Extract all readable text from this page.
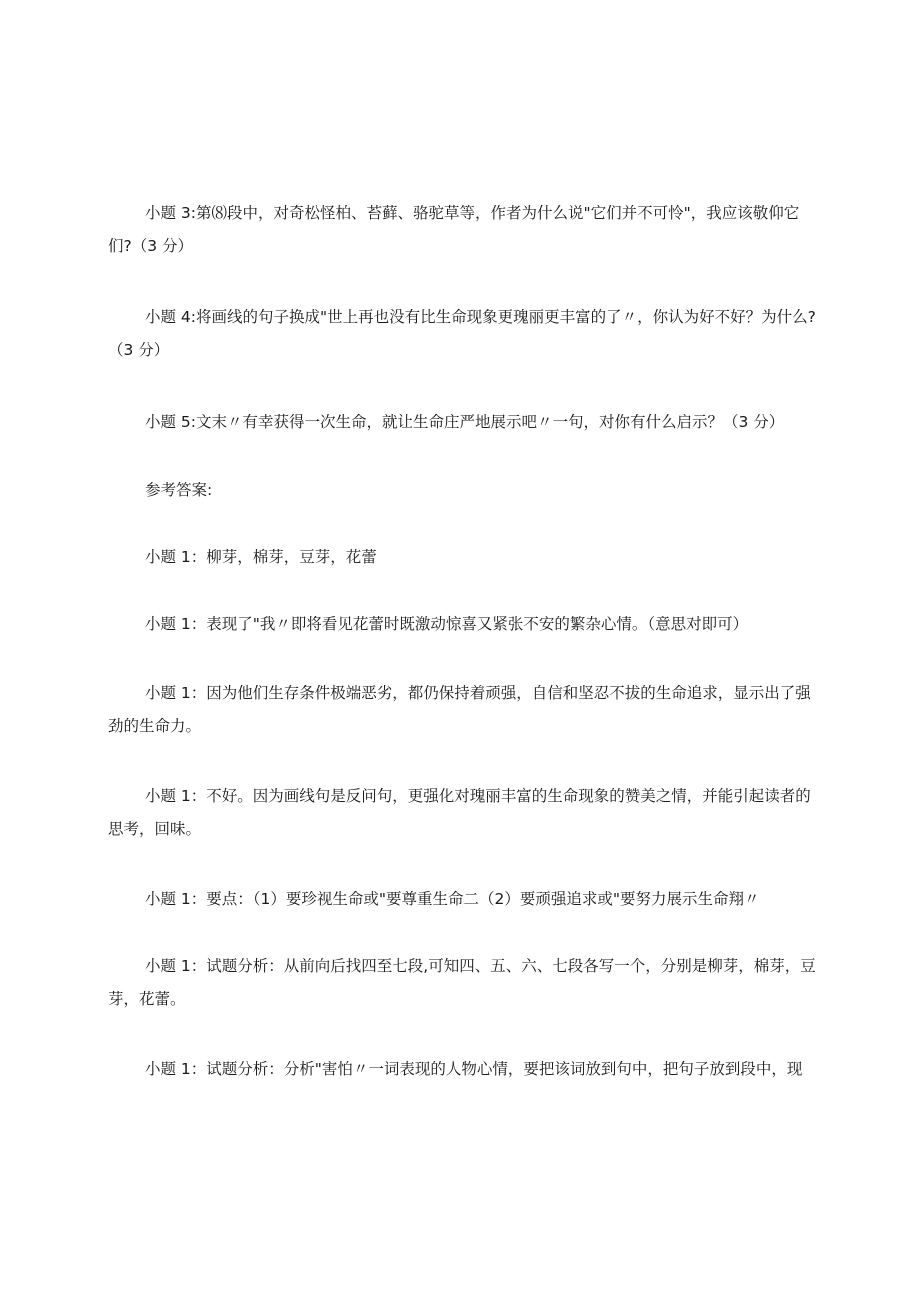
小题 3:第⑻段中，对奇松怪柏、苔藓、骆驼草等，作者为什么说"它们并不可怜"，我应该敬仰它们?（3 分）

小题 4:将画线的句子换成"世上再也没有比生命现象更瑰丽更丰富的了〃，你认为好不好？为什么?（3 分）

小题 5:文末〃有幸获得一次生命，就让生命庄严地展示吧〃一句，对你有什么启示？（3 分）

参考答案:

小题 1：柳芽，棉芽，豆芽，花蕾

小题 1：表现了"我〃即将看见花蕾时既激动惊喜又紧张不安的繁杂心情。（意思对即可）

小题 1：因为他们生存条件极端恶劣，都仍保持着顽强，自信和坚忍不拔的生命追求，显示出了强劲的生命力。

小题 1：不好。因为画线句是反问句，更强化对瑰丽丰富的生命现象的赞美之情，并能引起读者的思考，回味。

小题 1：要点：（1）要珍视生命或"要尊重生命二（2）要顽强追求或"要努力展示生命翔〃

小题 1：试题分析：从前向后找四至七段,可知四、五、六、七段各写一个，分别是柳芽，棉芽，豆芽，花蕾。

小题 1：试题分析：分析"害怕〃一词表现的人物心情，要把该词放到句中，把句子放到段中，现
